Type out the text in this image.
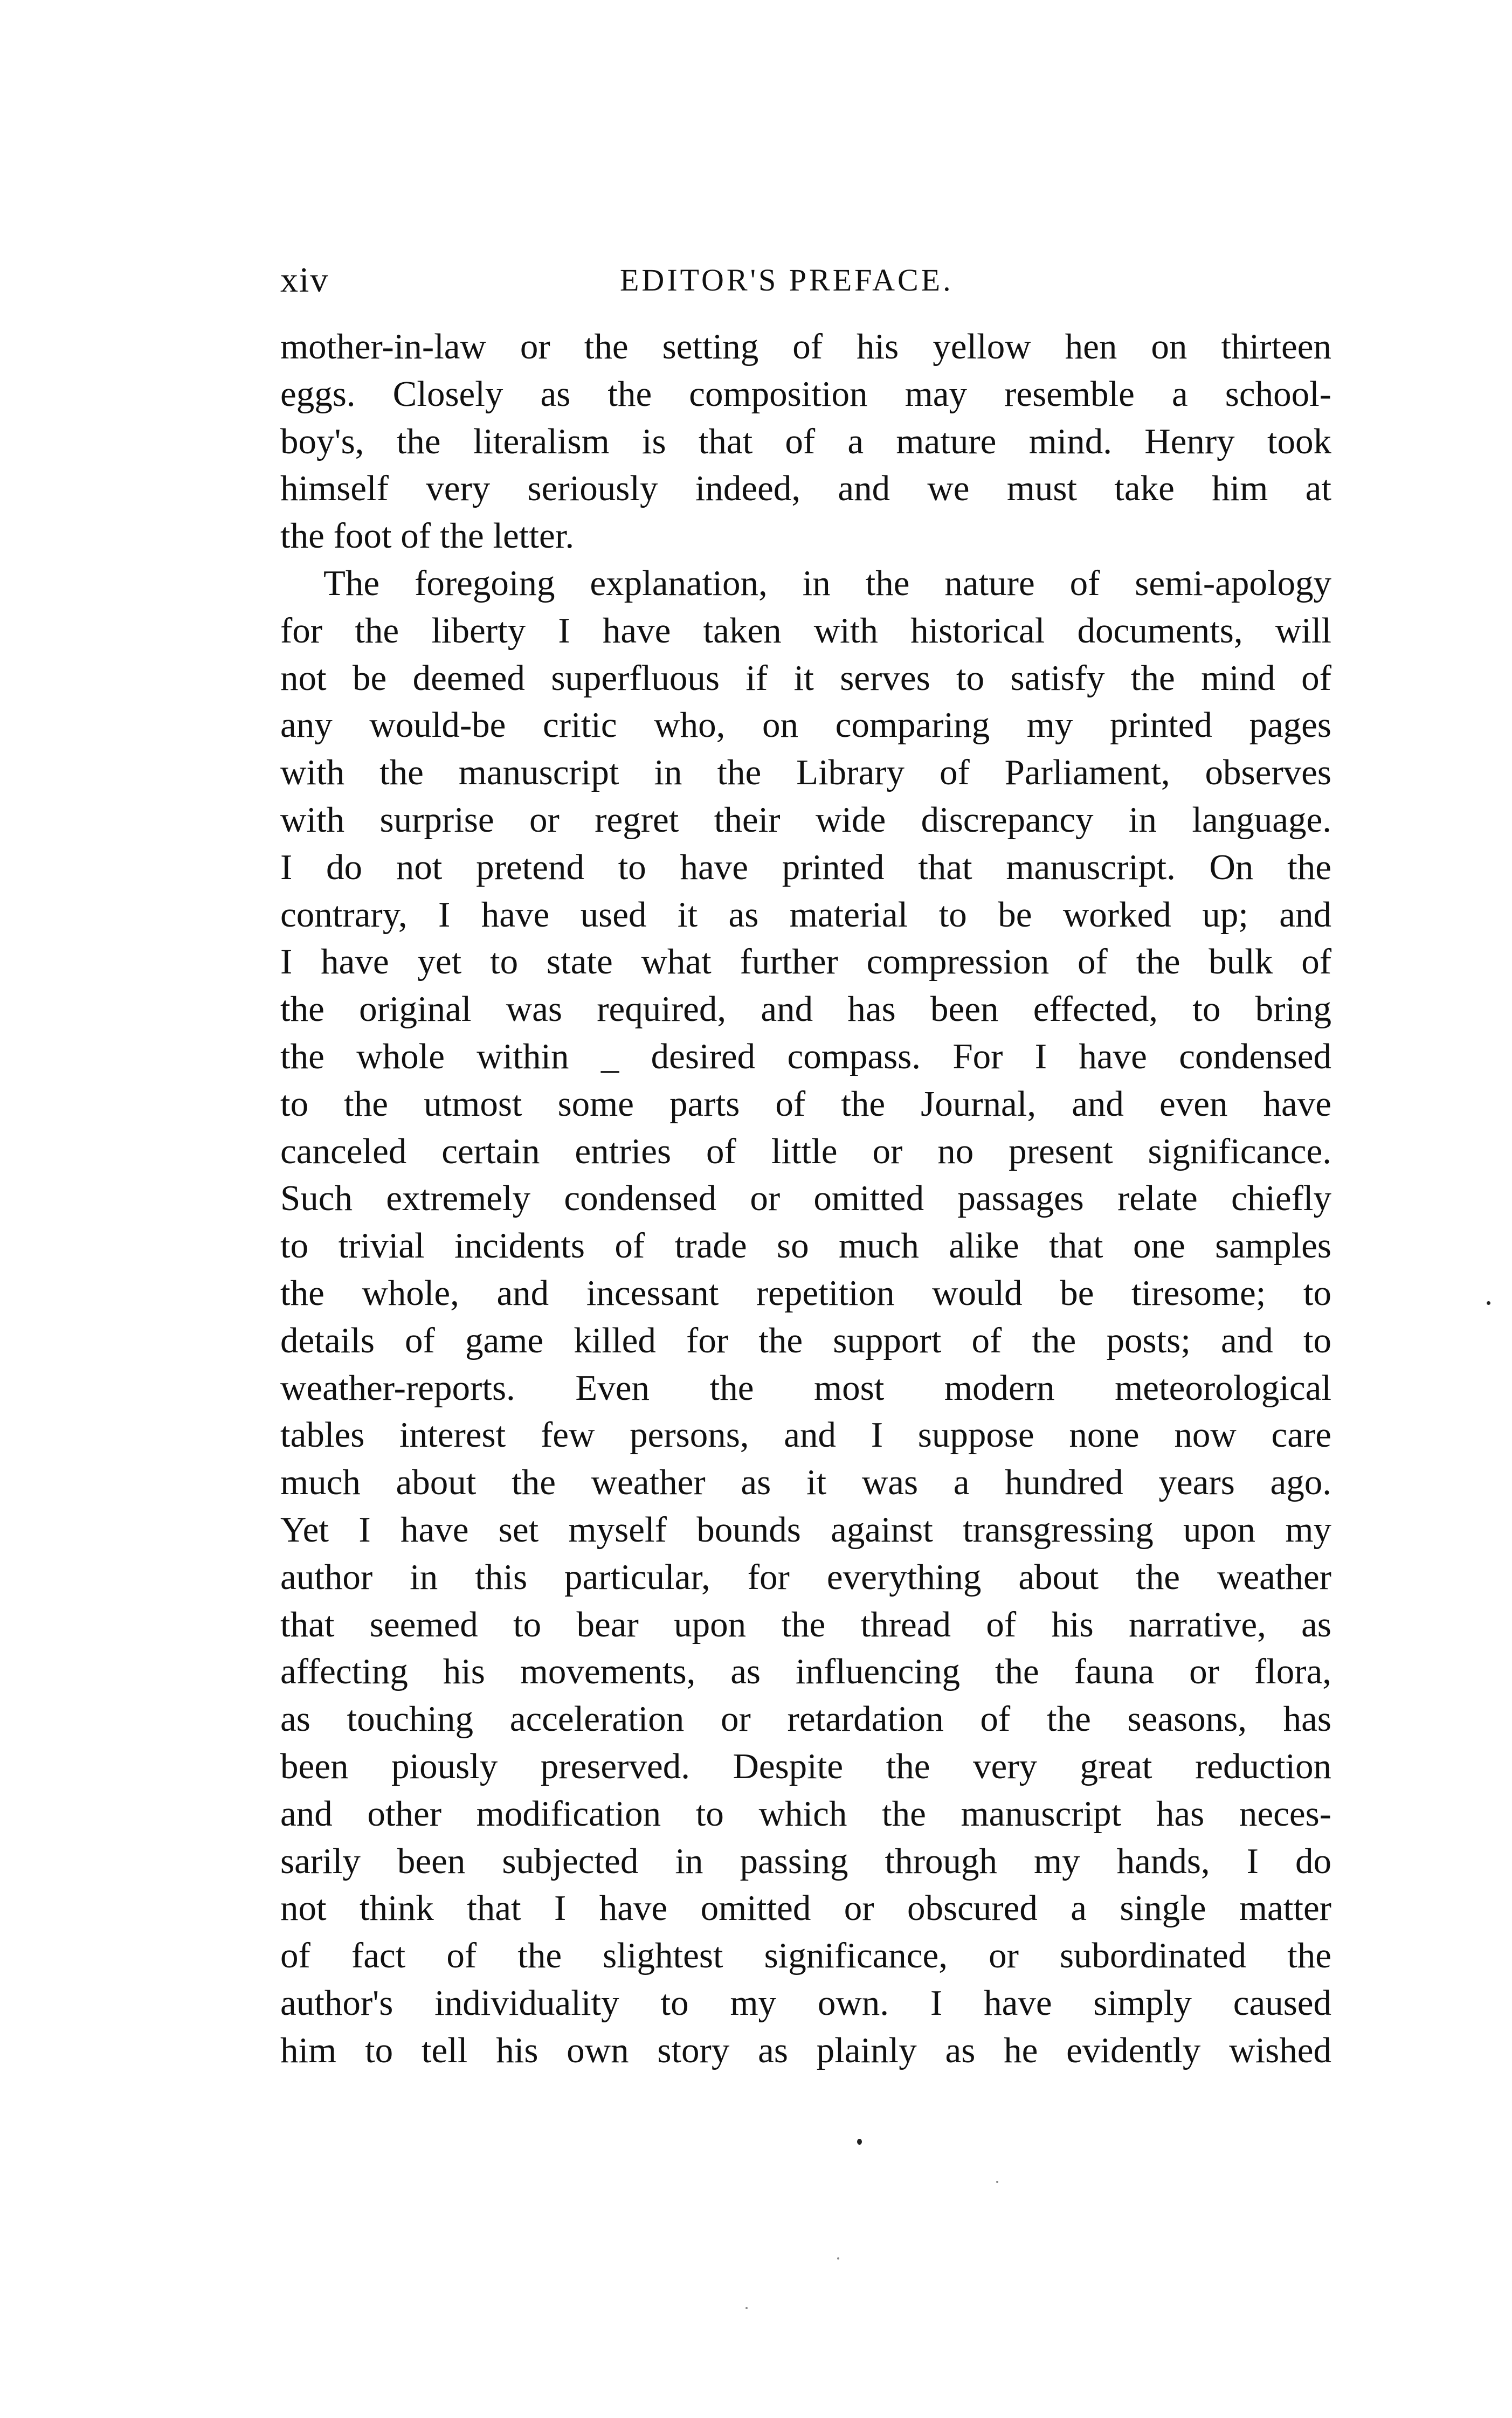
xiv	EDITOR'S PREFACE.
mother-in-law or the setting of his yellow hen on thirteen
eggs. Closely as the composition may resemble a school-
boy's, the literalism is that of a mature mind. Henry took
himself very seriously indeed, and we must take him at
the foot of the letter.
The foregoing explanation, in the nature of semi-apology
for the liberty I have taken with historical documents, will
not be deemed superfluous if it serves to satisfy the mind of
any would-be critic who, on comparing my printed pages
with the manuscript in the Library of Parliament, observes
with surprise or regret their wide discrepancy in language.
I do not pretend to have printed that manuscript. On the
contrary, I have used it as material to be worked up; and
I have yet to state what further compression of the bulk of
the original was required, and has been effected, to bring
the whole within _ desired compass. For I have condensed
to the utmost some parts of the Journal, and even have
canceled certain entries of little or no present significance.
Such extremely condensed or omitted passages relate chiefly
to trivial incidents of trade so much alike that one samples
the whole, and incessant repetition would be tiresome; to
details of game killed for the support of the posts; and to
weather-reports. Even the most modern meteorological
tables interest few persons, and I suppose none now care
much about the weather as it was a hundred years ago.
Yet I have set myself bounds against transgressing upon my
author in this particular, for everything about the weather
that seemed to bear upon the thread of his narrative, as
affecting his movements, as influencing the fauna or flora,
as touching acceleration or retardation of the seasons, has
been piously preserved. Despite the very great reduction
and other modification to which the manuscript has neces-
sarily been subjected in passing through my hands, I do
not think that I have omitted or obscured a single matter
of fact of the slightest significance, or subordinated the
author's individuality to my own. I have simply caused
him to tell his own story as plainly as he evidently wished
